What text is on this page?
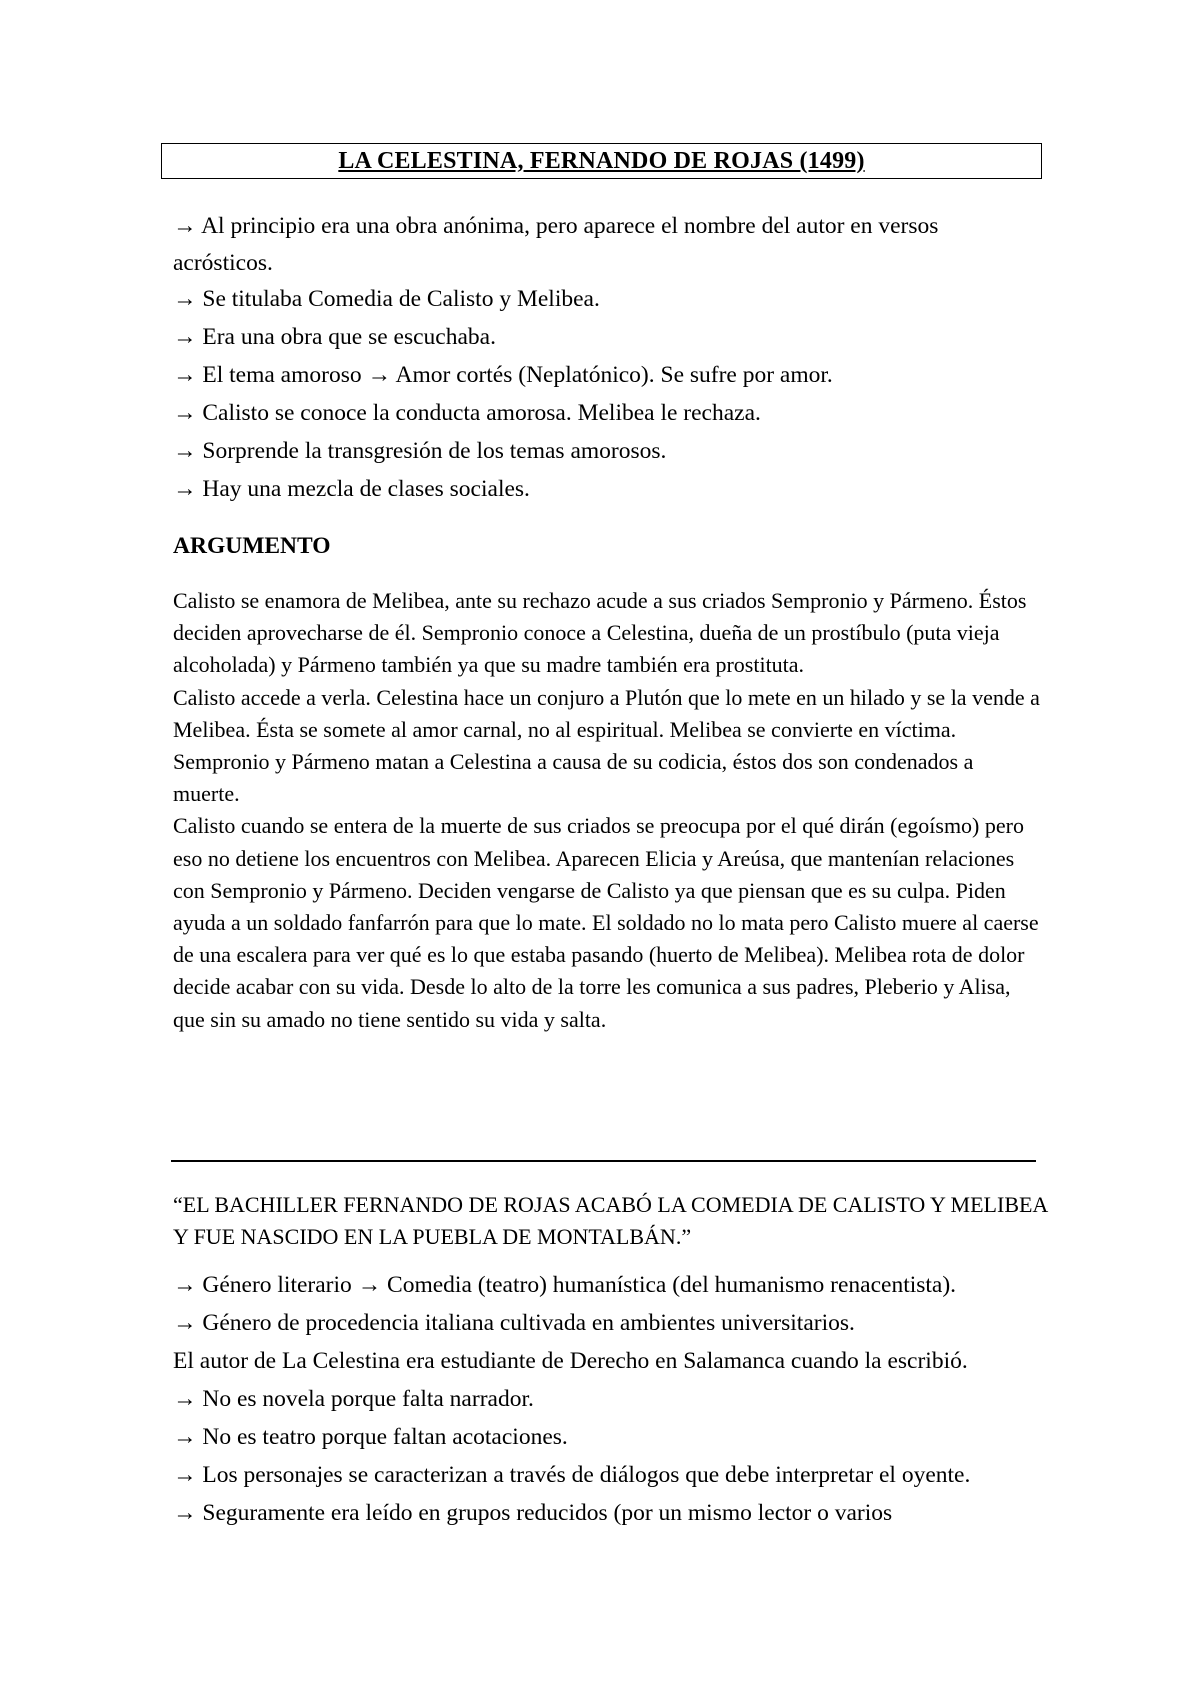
LA CELESTINA, FERNANDO DE ROJAS (1499)
→ Al principio era una obra anónima, pero aparece el nombre del autor en versos acrósticos.
→ Se titulaba Comedia de Calisto y Melibea.
→ Era una obra que se escuchaba.
→ El tema amoroso → Amor cortés (Neplatónico). Se sufre por amor.
→ Calisto se conoce la conducta amorosa. Melibea le rechaza.
→ Sorprende la transgresión de los temas amorosos.
→ Hay una mezcla de clases sociales.
ARGUMENTO

Calisto se enamora de Melibea, ante su rechazo acude a sus criados Sempronio y Pármeno. Éstos deciden aprovecharse de él. Sempronio conoce a Celestina, dueña de un prostíbulo (puta vieja alcoholada) y Pármeno también ya que su madre también era prostituta.

Calisto accede a verla. Celestina hace un conjuro a Plutón que lo mete en un hilado y se la vende a Melibea. Ésta se somete al amor carnal, no al espiritual. Melibea se convierte en víctima.

Sempronio y Pármeno matan a Celestina a causa de su codicia, éstos dos son condenados a muerte.

Calisto cuando se entera de la muerte de sus criados se preocupa por el qué dirán (egoísmo) pero eso no detiene los encuentros con Melibea. Aparecen Elicia y Areúsa, que mantenían relaciones con Sempronio y Pármeno. Deciden vengarse de Calisto ya que piensan que es su culpa. Piden ayuda a un soldado fanfarrón para que lo mate. El soldado no lo mata pero Calisto muere al caerse de una escalera para ver qué es lo que estaba pasando (huerto de Melibea). Melibea rota de dolor decide acabar con su vida. Desde lo alto de la torre les comunica a sus padres, Pleberio y Alisa, que sin su amado no tiene sentido su vida y salta.

“EL BACHILLER FERNANDO DE ROJAS ACABÓ LA COMEDIA DE CALISTO Y MELIBEA Y FUE NASCIDO EN LA PUEBLA DE MONTALBÁN.”
→ Género literario → Comedia (teatro) humanística (del humanismo renacentista).
→ Género de procedencia italiana cultivada en ambientes universitarios.
El autor de La Celestina era estudiante de Derecho en Salamanca cuando la escribió.
→ No es novela porque falta narrador.
→ No es teatro porque faltan acotaciones.
→ Los personajes se caracterizan a través de diálogos que debe interpretar el oyente.
→ Seguramente era leído en grupos reducidos (por un mismo lector o varios
